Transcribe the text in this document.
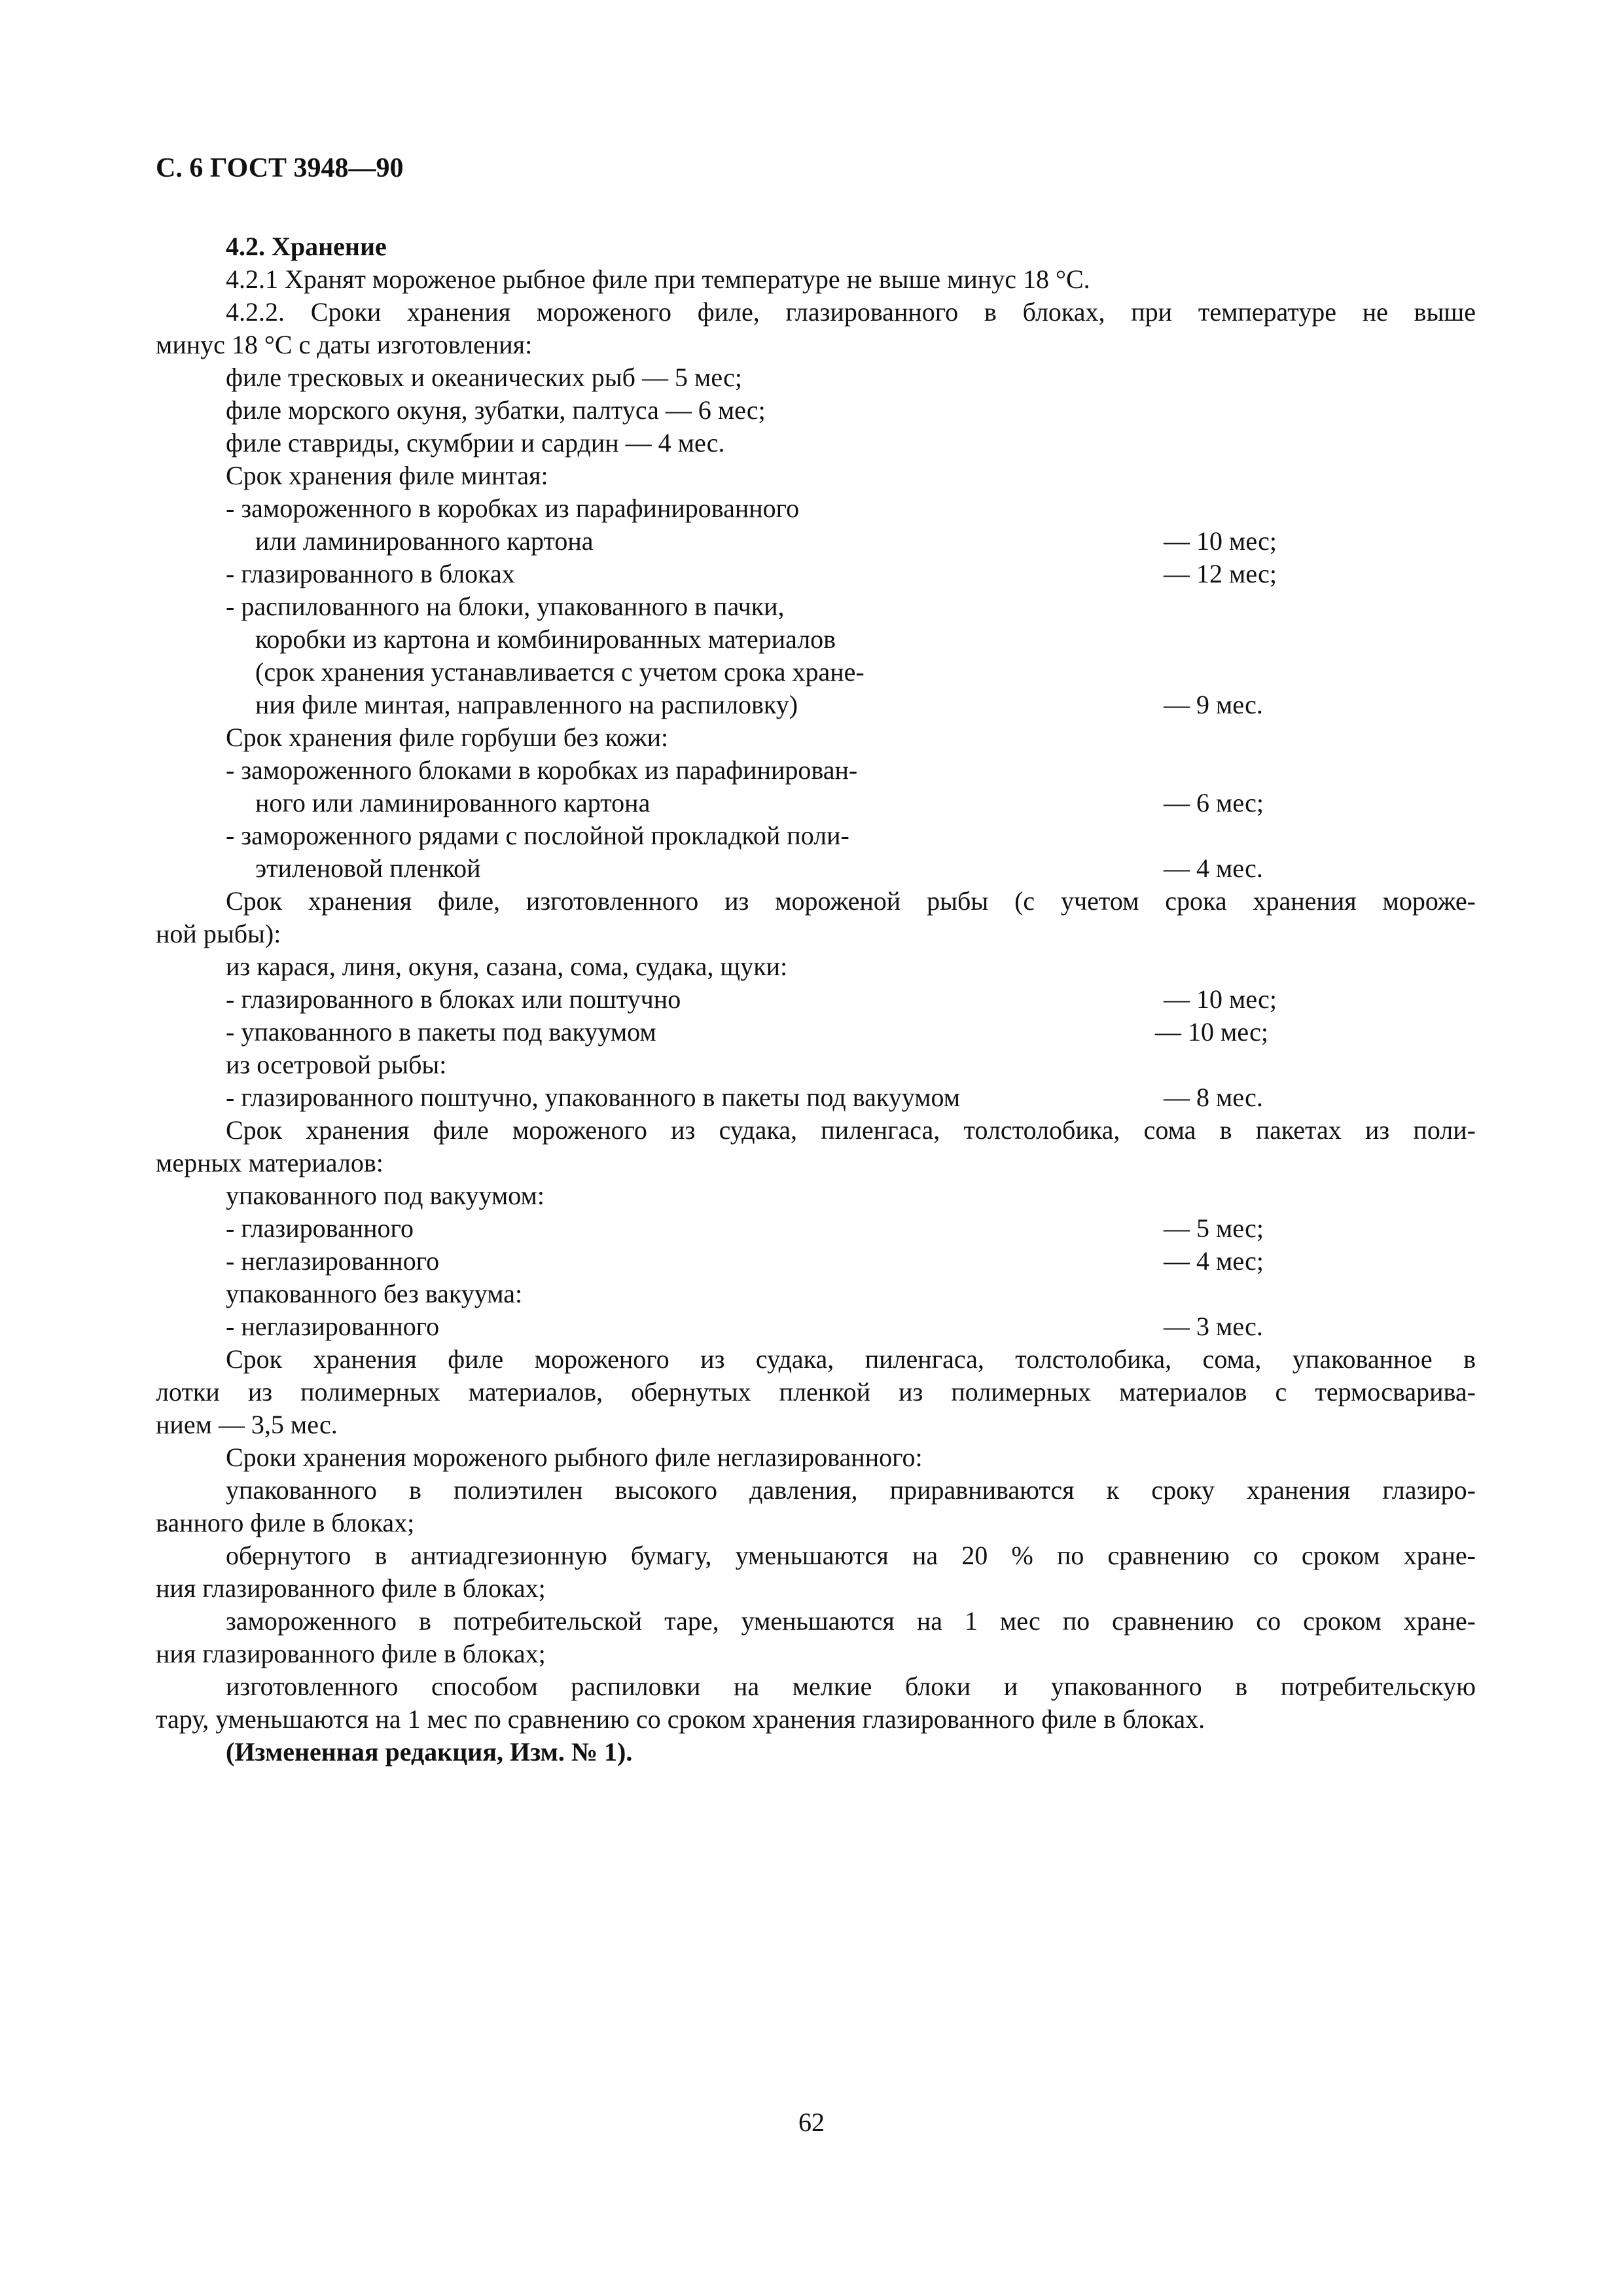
С. 6 ГОСТ 3948—90
4.2. Хранение
4.2.1 Хранят мороженое рыбное филе при температуре не выше минус 18 °С.
4.2.2. Сроки хранения мороженого филе, глазированного в блоках, при температуре не выше
минус 18 °С с даты изготовления:
филе тресковых и океанических рыб — 5 мес;
филе морского окуня, зубатки, палтуса — 6 мес;
филе ставриды, скумбрии и сардин — 4 мес.
Срок хранения филе минтая:
- замороженного в коробках из парафинированного
или ламинированного картона	— 10 мес;
- глазированного в блоках	— 12 мес;
- распилованного на блоки, упакованного в пачки,
коробки из картона и комбинированных материалов
(срок хранения устанавливается с учетом срока хране-
ния филе минтая, направленного на распиловку)	— 9 мес.
Срок хранения филе горбуши без кожи:
- замороженного блоками в коробках из парафинирован-
ного или ламинированного картона	— 6 мес;
- замороженного рядами с послойной прокладкой поли-
этиленовой пленкой	— 4 мес.
Срок хранения филе, изготовленного из мороженой рыбы (с учетом срока хранения мороже-
ной рыбы):
из карася, линя, окуня, сазана, сома, судака, щуки:
- глазированного в блоках или поштучно	— 10 мес;
- упакованного в пакеты под вакуумом	— 10 мес;
из осетровой рыбы:
- глазированного поштучно, упакованного в пакеты под вакуумом	— 8 мес.
Срок хранения филе мороженого из судака, пиленгаса, толстолобика, сома в пакетах из поли-
мерных материалов:
упакованного под вакуумом:
- глазированного	— 5 мес;
- неглазированного	— 4 мес;
упакованного без вакуума:
- неглазированного	— 3 мес.
Срок хранения филе мороженого из судака, пиленгаса, толстолобика, сома, упакованное в
лотки из полимерных материалов, обернутых пленкой из полимерных материалов с термосварива-
нием — 3,5 мес.
Сроки хранения мороженого рыбного филе неглазированного:
упакованного в полиэтилен высокого давления, приравниваются к сроку хранения глазиро-
ванного филе в блоках;
обернутого в антиадгезионную бумагу, уменьшаются на 20 % по сравнению со сроком хране-
ния глазированного филе в блоках;
замороженного в потребительской таре, уменьшаются на 1 мес по сравнению со сроком хране-
ния глазированного филе в блоках;
изготовленного способом распиловки на мелкие блоки и упакованного в потребительскую
тару, уменьшаются на 1 мес по сравнению со сроком хранения глазированного филе в блоках.
(Измененная редакция, Изм. № 1).
62
